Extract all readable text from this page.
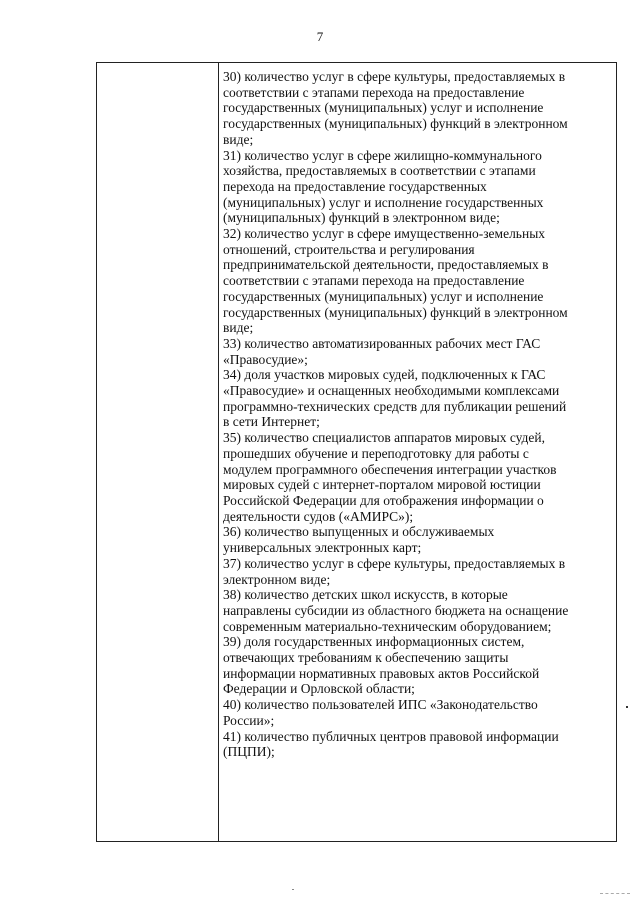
7
30) количество услуг в сфере культуры, предоставляемых в
соответствии с этапами перехода на предоставление
государственных (муниципальных) услуг и исполнение
государственных (муниципальных) функций в электронном
виде;
31) количество услуг в сфере жилищно-коммунального
хозяйства, предоставляемых в соответствии с этапами
перехода на предоставление государственных
(муниципальных) услуг и исполнение государственных
(муниципальных) функций в электронном виде;
32) количество услуг в сфере имущественно-земельных
отношений, строительства и регулирования
предпринимательской деятельности, предоставляемых в
соответствии с этапами перехода на предоставление
государственных (муниципальных) услуг и исполнение
государственных (муниципальных) функций в электронном
виде;
33) количество автоматизированных рабочих мест ГАС
«Правосудие»;
34) доля участков мировых судей, подключенных к ГАС
«Правосудие» и оснащенных необходимыми комплексами
программно-технических средств для публикации решений
в сети Интернет;
35) количество специалистов аппаратов мировых судей,
прошедших обучение и переподготовку для работы с
модулем программного обеспечения интеграции участков
мировых судей с интернет-порталом мировой юстиции
Российской Федерации для отображения информации о
деятельности судов («АМИРС»);
36) количество выпущенных и обслуживаемых
универсальных электронных карт;
37) количество услуг в сфере культуры, предоставляемых в
электронном виде;
38) количество детских школ искусств, в которые
направлены субсидии из областного бюджета на оснащение
современным материально-техническим оборудованием;
39) доля государственных информационных систем,
отвечающих требованиям к обеспечению защиты
информации нормативных правовых актов Российской
Федерации и Орловской области;
40) количество пользователей ИПС «Законодательство
России»;
41) количество публичных центров правовой информации
(ПЦПИ);
